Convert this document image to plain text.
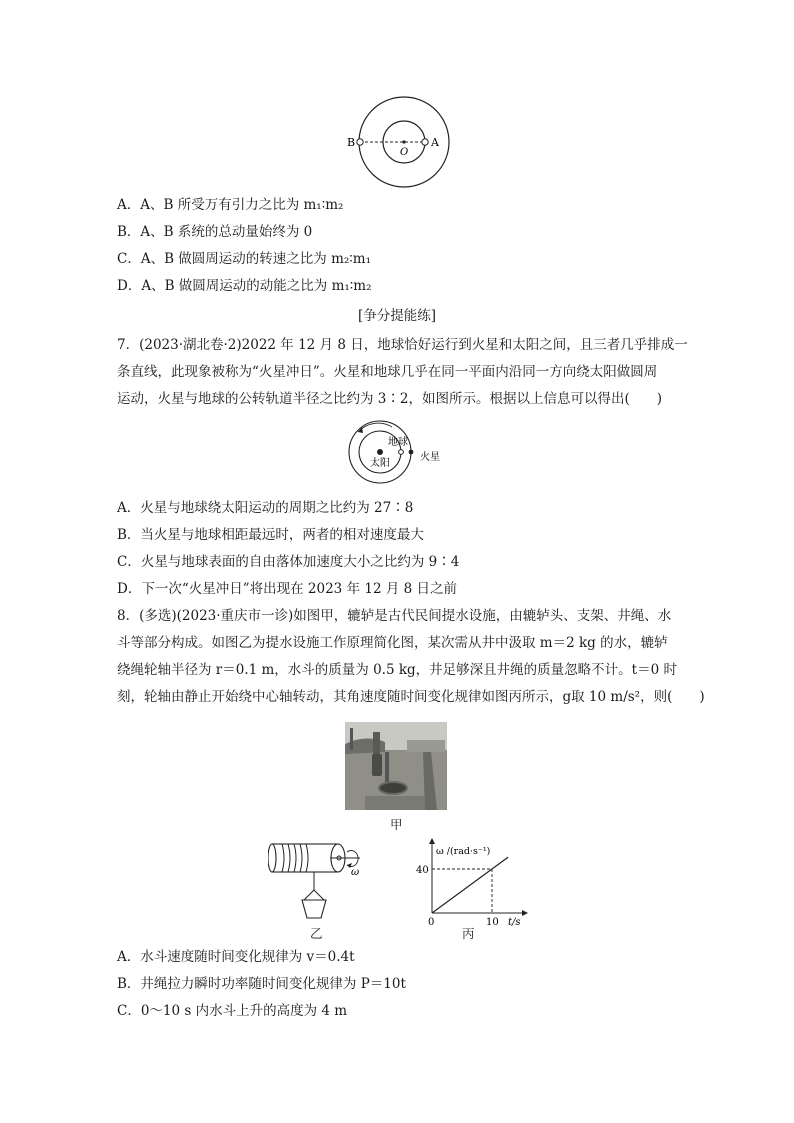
B	A
O
A．A、B 所受万有引力之比为 m₁∶m₂
B．A、B 系统的总动量始终为 0
C．A、B 做圆周运动的转速之比为 m₂∶m₁
D．A、B 做圆周运动的动能之比为 m₁∶m₂
[争分提能练]
7．(2023·湖北卷·2)2022 年 12 月 8 日，地球恰好运行到火星和太阳之间，且三者几乎排成一
条直线，此现象被称为“火星冲日”。火星和地球几乎在同一平面内沿同一方向绕太阳做圆周
运动，火星与地球的公转轨道半径之比约为 3∶2，如图所示。根据以上信息可以得出(　　)
地球
太阳
火星
A．火星与地球绕太阳运动的周期之比约为 27∶8
B．当火星与地球相距最远时，两者的相对速度最大
C．火星与地球表面的自由落体加速度大小之比约为 9∶4
D．下一次“火星冲日”将出现在 2023 年 12 月 8 日之前
8．(多选)(2023·重庆市一诊)如图甲，辘轳是古代民间提水设施，由辘轳头、支架、井绳、水
斗等部分构成。如图乙为提水设施工作原理简化图，某次需从井中汲取 m＝2 kg 的水，辘轳
绕绳轮轴半径为 r＝0.1 m，水斗的质量为 0.5 kg，井足够深且井绳的质量忽略不计。t＝0 时
刻，轮轴由静止开始绕中心轴转动，其角速度随时间变化规律如图丙所示，g取 10 m/s²，则(　　)
甲
ω
乙
ω /(rad·s⁻¹)
40
0	10 t/s
丙
A．水斗速度随时间变化规律为 v＝0.4t
B．井绳拉力瞬时功率随时间变化规律为 P＝10t
C．0～10 s 内水斗上升的高度为 4 m
